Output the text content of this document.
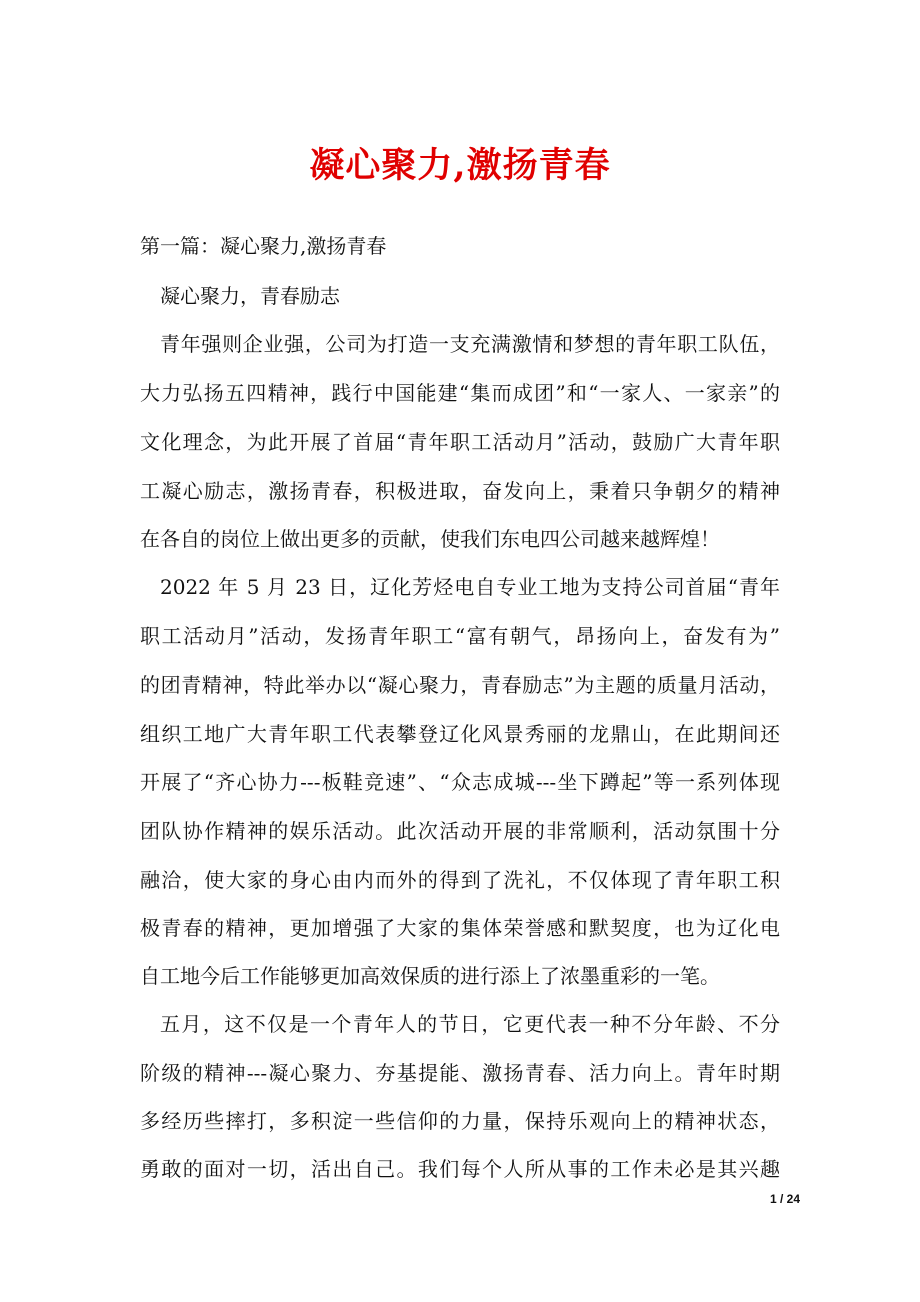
凝心聚力,激扬青春
第一篇：凝心聚力,激扬青春
凝心聚力，青春励志
青年强则企业强，公司为打造一支充满激情和梦想的青年职工队伍，
大力弘扬五四精神，践行中国能建“集而成团”和“一家人、一家亲”的
文化理念，为此开展了首届“青年职工活动月”活动，鼓励广大青年职
工凝心励志，激扬青春，积极进取，奋发向上，秉着只争朝夕的精神
在各自的岗位上做出更多的贡献，使我们东电四公司越来越辉煌！
2022 年 5 月 23 日，辽化芳烃电自专业工地为支持公司首届“青年
职工活动月”活动，发扬青年职工“富有朝气，昂扬向上，奋发有为”
的团青精神，特此举办以“凝心聚力，青春励志”为主题的质量月活动，
组织工地广大青年职工代表攀登辽化风景秀丽的龙鼎山，在此期间还
开展了“齐心协力---板鞋竞速”、“众志成城---坐下蹲起”等一系列体现
团队协作精神的娱乐活动。此次活动开展的非常顺利，活动氛围十分
融洽，使大家的身心由内而外的得到了洗礼，不仅体现了青年职工积
极青春的精神，更加增强了大家的集体荣誉感和默契度，也为辽化电
自工地今后工作能够更加高效保质的进行添上了浓墨重彩的一笔。
五月，这不仅是一个青年人的节日，它更代表一种不分年龄、不分
阶级的精神---凝心聚力、夯基提能、激扬青春、活力向上。青年时期
多经历些摔打，多积淀一些信仰的力量，保持乐观向上的精神状态，
勇敢的面对一切，活出自己。我们每个人所从事的工作未必是其兴趣
1 / 24
